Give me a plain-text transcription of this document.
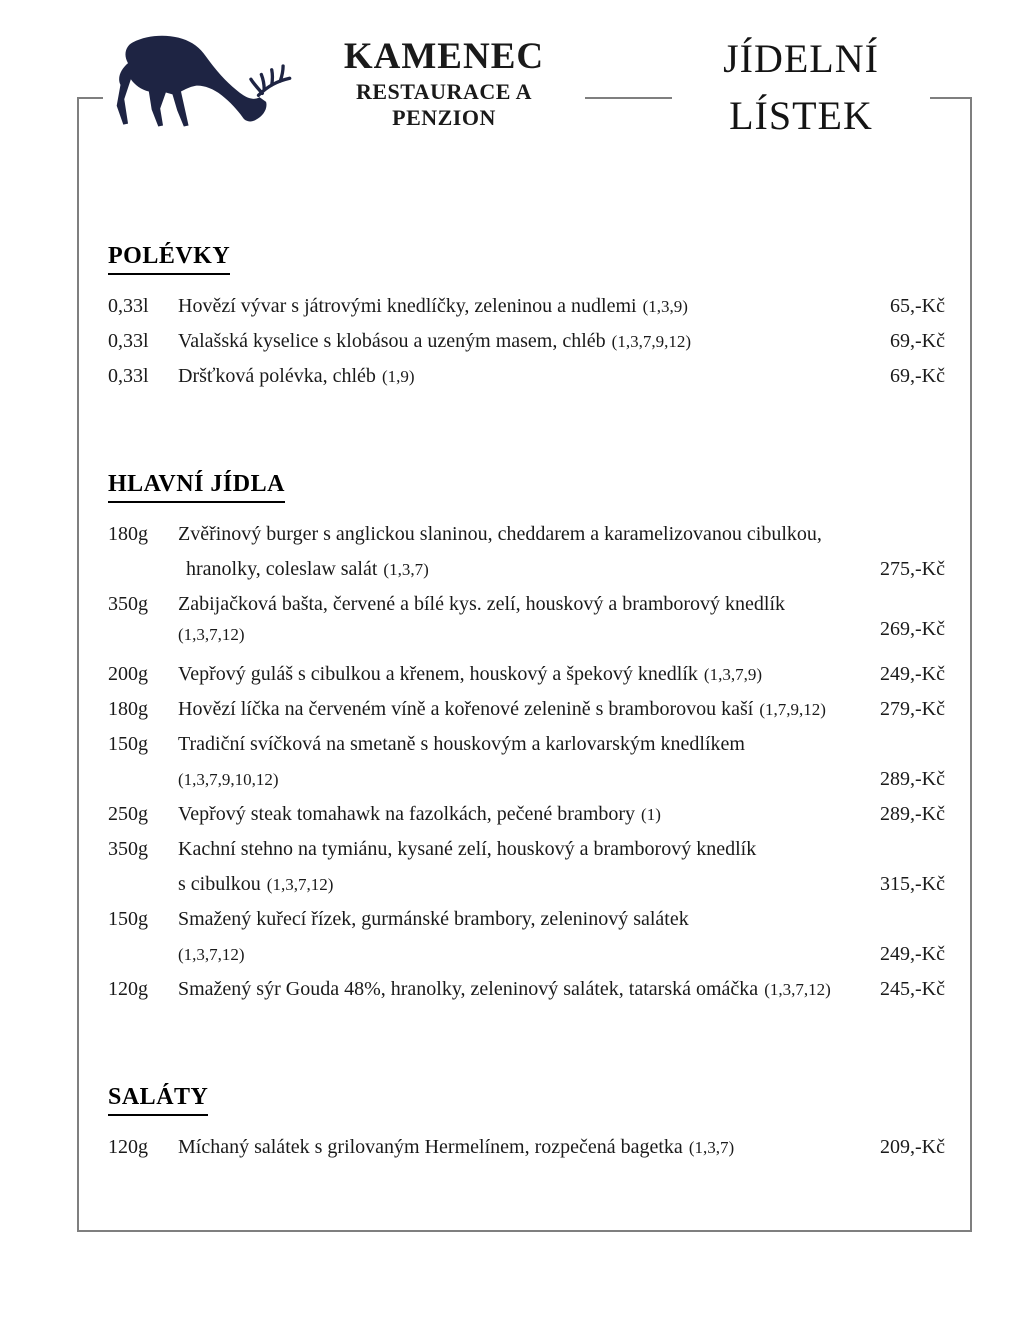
KAMENEC
RESTAURACE A PENZION
JÍDELNÍ
LÍSTEK
POLÉVKY
0,33l	Hovězí vývar s játrovými knedlíčky, zeleninou a nudlemi (1,3,9)	65,-Kč
0,33l	Valašská kyselice s klobásou a uzeným masem, chléb (1,3,7,9,12)	69,-Kč
0,33l	Dršťková polévka, chléb (1,9)	69,-Kč
HLAVNÍ JÍDLA
180g	Zvěřinový burger s anglickou slaninou, cheddarem a karamelizovanou cibulkou,
hranolky, coleslaw salát (1,3,7)	275,-Kč
350g	Zabijačková bašta, červené a bílé kys. zelí, houskový a bramborový knedlík
(1,3,7,12)	269,-Kč
200g	Vepřový guláš s cibulkou a křenem, houskový a špekový knedlík (1,3,7,9)	249,-Kč
180g	Hovězí líčka na červeném víně a kořenové zelenině s bramborovou kaší (1,7,9,12)	279,-Kč
150g	Tradiční svíčková na smetaně s houskovým a karlovarským knedlíkem
(1,3,7,9,10,12)	289,-Kč
250g	Vepřový steak tomahawk na fazolkách, pečené brambory (1)	289,-Kč
350g	Kachní stehno na tymiánu, kysané zelí, houskový a bramborový knedlík
s cibulkou (1,3,7,12)	315,-Kč
150g	Smažený kuřecí řízek, gurmánské brambory, zeleninový salátek
(1,3,7,12)	249,-Kč
120g	Smažený sýr Gouda 48%, hranolky, zeleninový salátek, tatarská omáčka (1,3,7,12)	245,-Kč
SALÁTY
120g	Míchaný salátek s grilovaným Hermelínem, rozpečená bagetka (1,3,7)	209,-Kč
